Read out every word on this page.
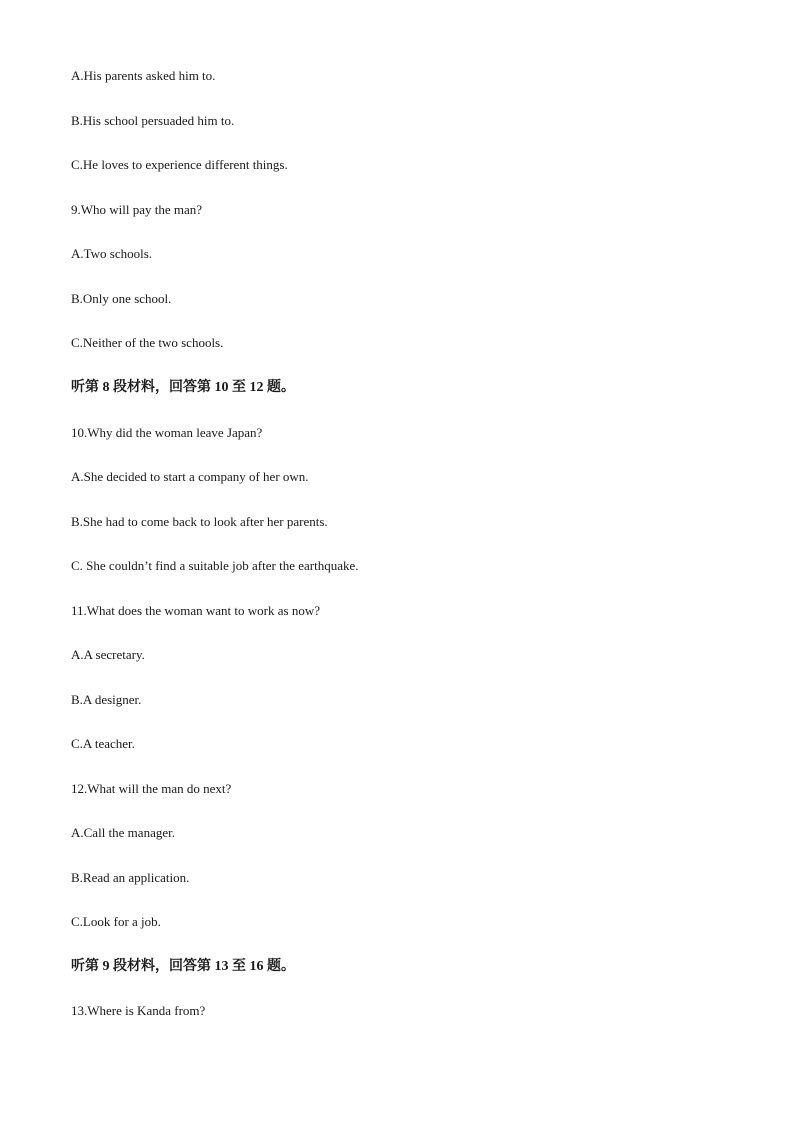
A.His parents asked him to.
B.His school persuaded him to.
C.He loves to experience different things.
9.Who will pay the man?
A.Two schools.
B.Only one school.
C.Neither of the two schools.
听第 8 段材料，回答第 10 至 12 题。
10.Why did the woman leave Japan?
A.She decided to start a company of her own.
B.She had to come back to look after her parents.
C. She couldn’t find a suitable job after the earthquake.
11.What does the woman want to work as now?
A.A secretary.
B.A designer.
C.A teacher.
12.What will the man do next?
A.Call the manager.
B.Read an application.
C.Look for a job.
听第 9 段材料，回答第 13 至 16 题。
13.Where is Kanda from?
